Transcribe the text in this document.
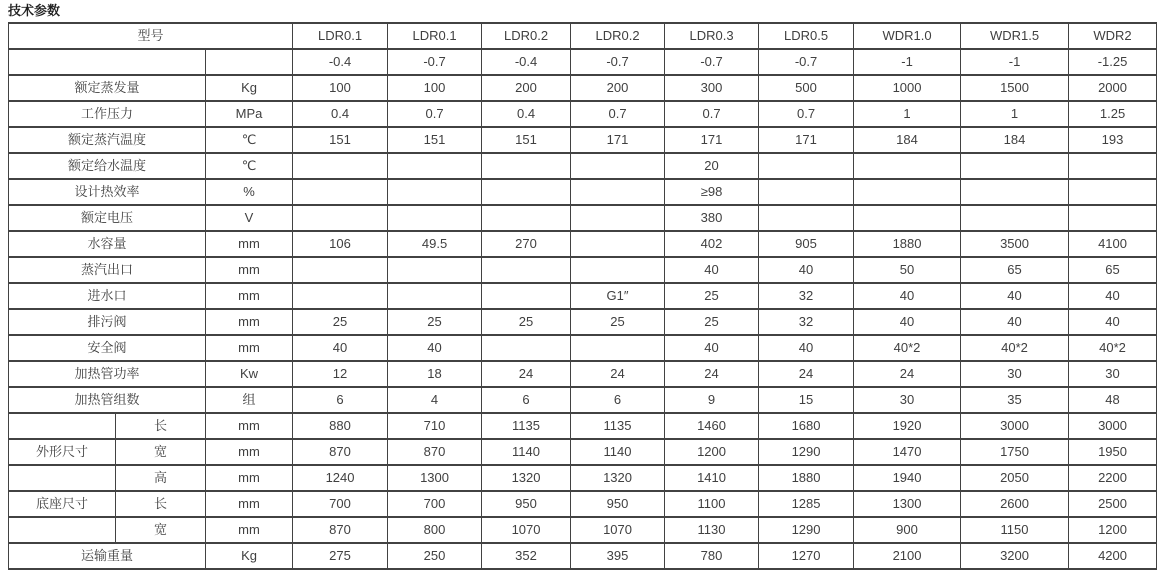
技术参数
型号			LDR0.1	LDR0.1	LDR0.2	LDR0.2	LDR0.3	LDR0.5	WDR1.0	WDR1.5	WDR2
			-0.4	-0.7	-0.4	-0.7	-0.7	-0.7	-1	-1	-1.25
额定蒸发量		Kg	100	100	200	200	300	500	1000	1500	2000
工作压力		MPa	0.4	0.7	0.4	0.7	0.7	0.7	1	1	1.25
额定蒸汽温度		℃	151	151	151	171	171	171	184	184	193
额定给水温度		℃					20				
设计热效率		%					≥98				
额定电压		V					380				
水容量		mm	106	49.5	270		402	905	1880	3500	4100
蒸汽出口		mm					40	40	50	65	65
进水口		mm				G1″	25	32	40	40	40
排污阀		mm	25	25	25	25	25	32	40	40	40
安全阀		mm	40	40			40	40	40*2	40*2	40*2
加热管功率		Kw	12	18	24	24	24	24	24	30	30
加热管组数		组	6	4	6	6	9	15	30	35	48
	长	mm	880	710	1135	1135	1460	1680	1920	3000	3000
外形尺寸	宽	mm	870	870	1140	1140	1200	1290	1470	1750	1950
	高	mm	1240	1300	1320	1320	1410	1880	1940	2050	2200
底座尺寸	长	mm	700	700	950	950	1100	1285	1300	2600	2500
	宽	mm	870	800	1070	1070	1130	1290	900	1150	1200
运输重量		Kg	275	250	352	395	780	1270	2100	3200	4200
